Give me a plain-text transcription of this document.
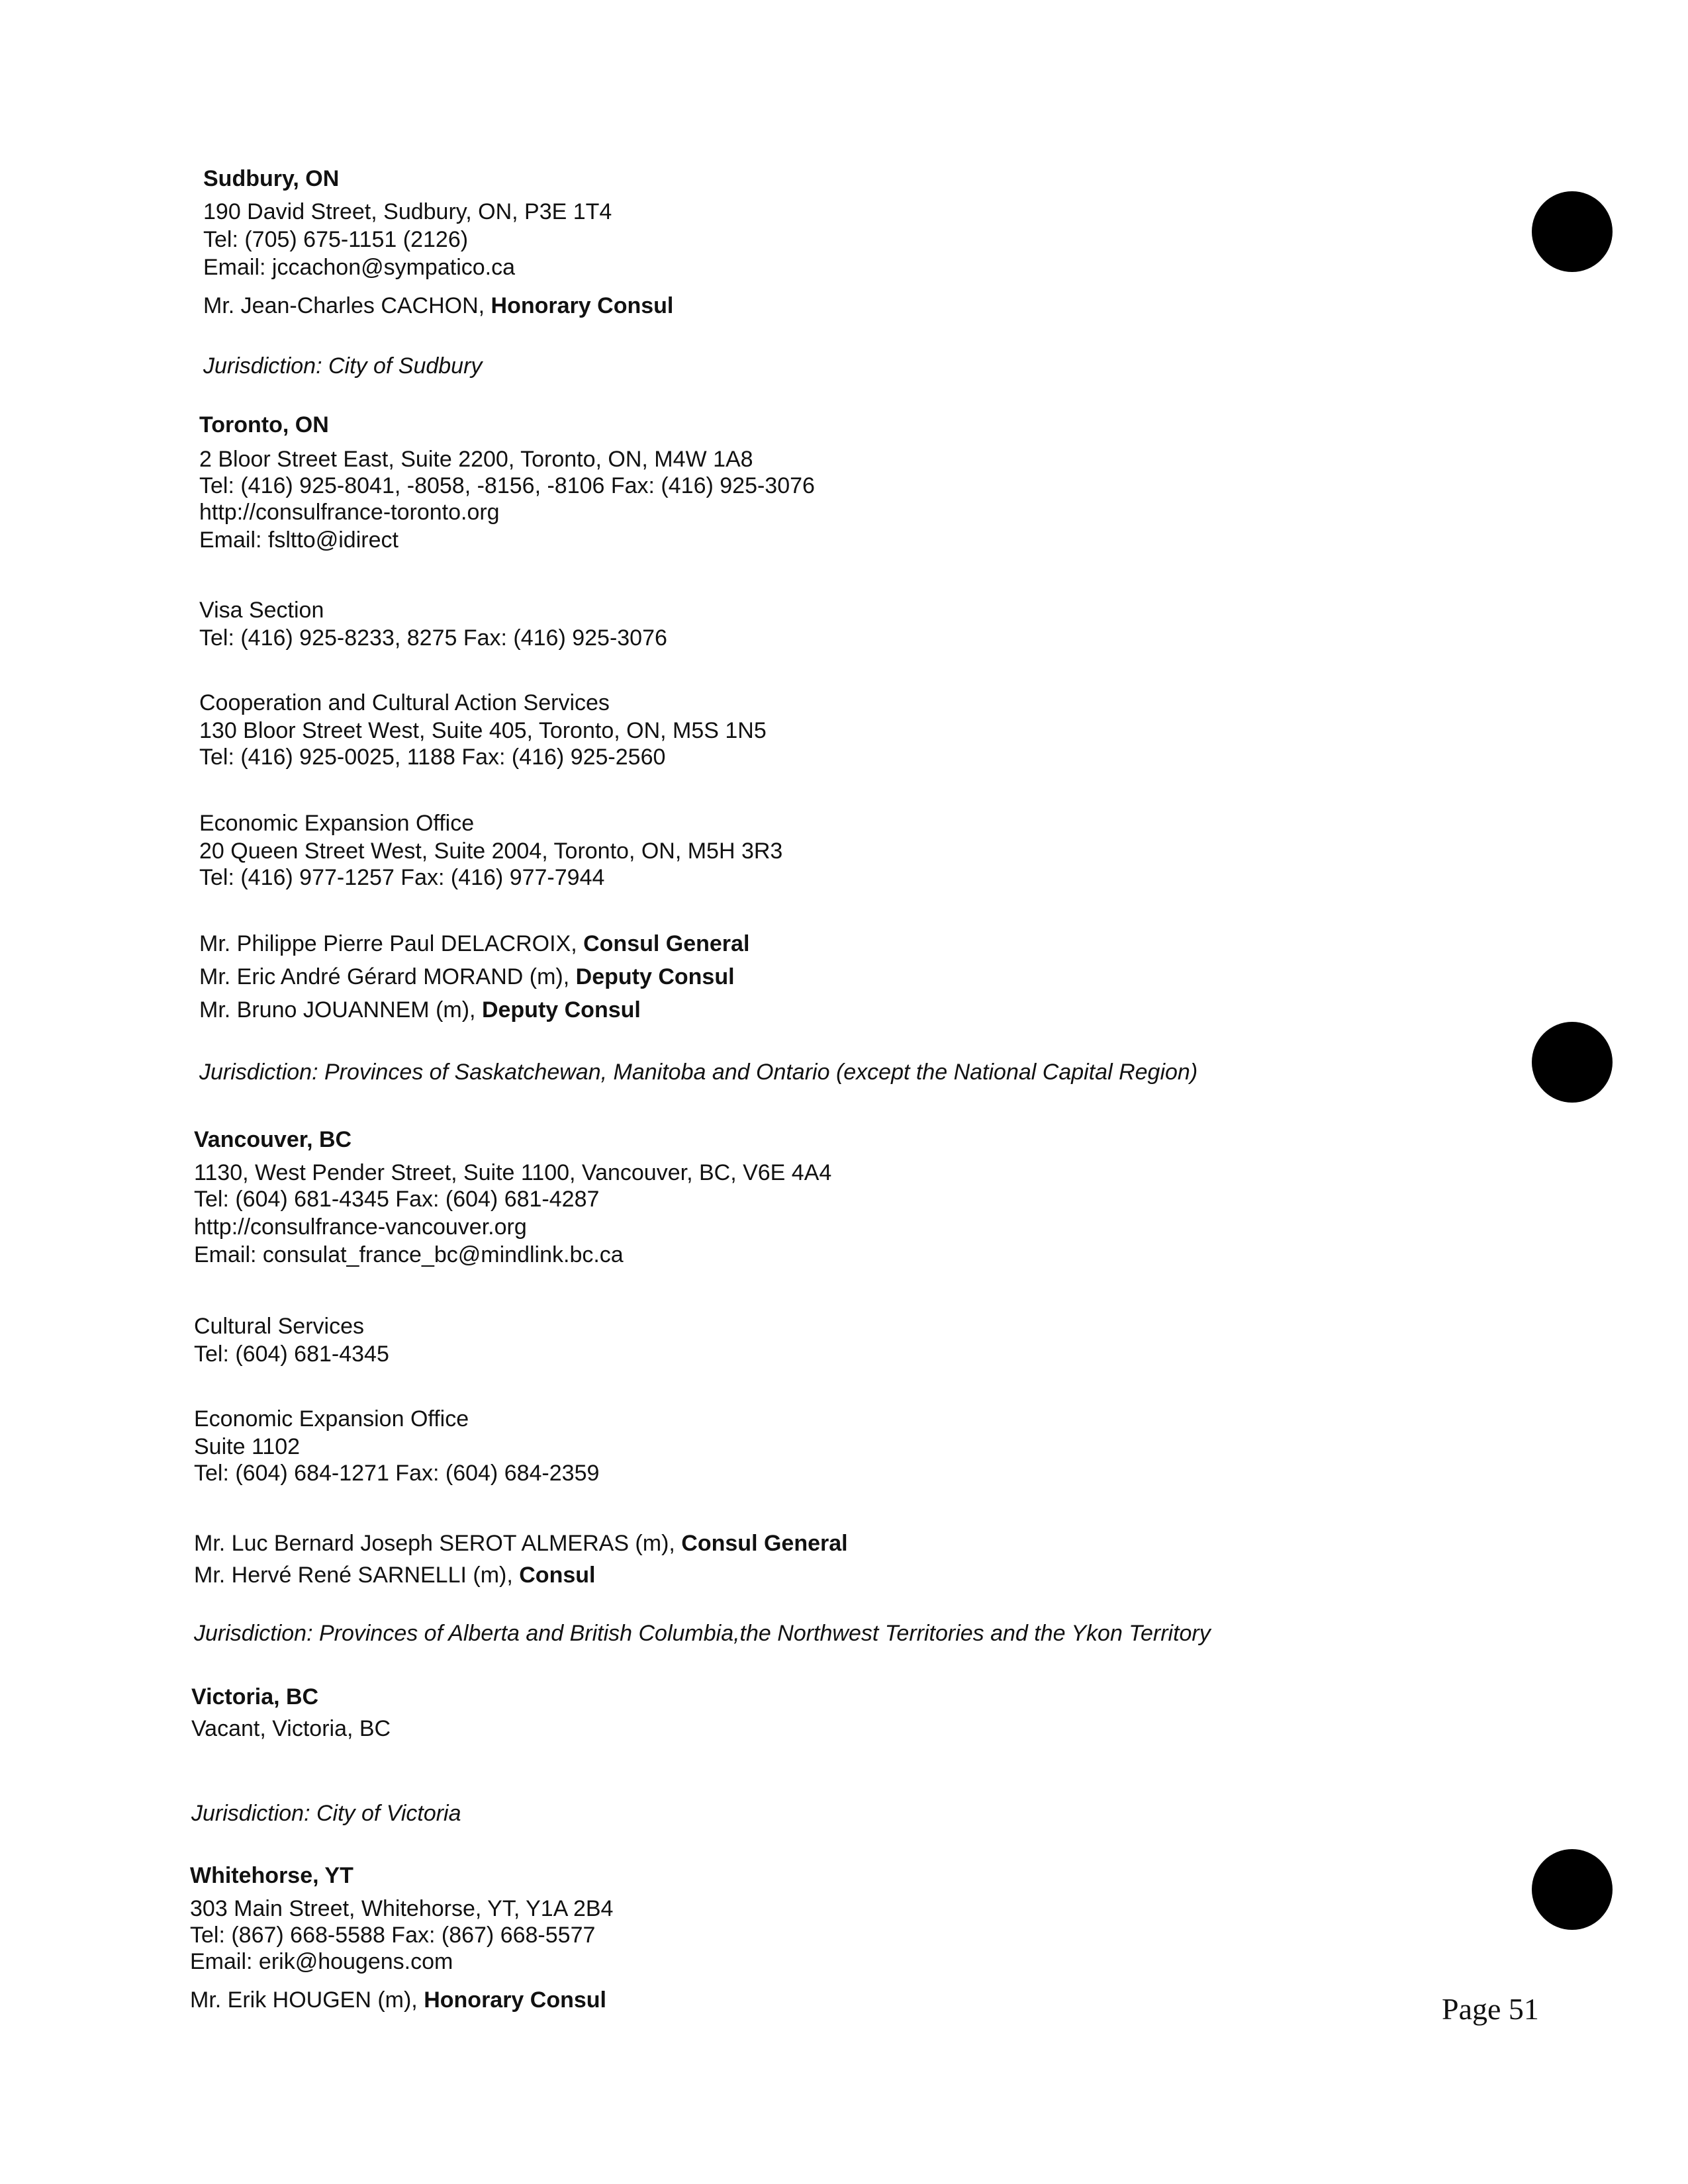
Sudbury, ON
190 David Street, Sudbury, ON, P3E 1T4
Tel: (705) 675-1151 (2126)
Email: jccachon@sympatico.ca
Mr. Jean-Charles CACHON, Honorary Consul
Jurisdiction: City of Sudbury
Toronto, ON
2 Bloor Street East, Suite 2200, Toronto, ON, M4W 1A8
Tel: (416) 925-8041, -8058, -8156, -8106 Fax: (416) 925-3076
http://consulfrance-toronto.org
Email: fsltto@idirect
Visa Section
Tel: (416) 925-8233, 8275 Fax: (416) 925-3076
Cooperation and Cultural Action Services
130 Bloor Street West, Suite 405, Toronto, ON, M5S 1N5
Tel: (416) 925-0025, 1188 Fax: (416) 925-2560
Economic Expansion Office
20 Queen Street West, Suite 2004, Toronto, ON, M5H 3R3
Tel: (416) 977-1257 Fax: (416) 977-7944
Mr. Philippe Pierre Paul DELACROIX, Consul General
Mr. Eric André Gérard MORAND (m), Deputy Consul
Mr. Bruno JOUANNEM (m), Deputy Consul
Jurisdiction: Provinces of Saskatchewan, Manitoba and Ontario (except the National Capital Region)
Vancouver, BC
1130, West Pender Street, Suite 1100, Vancouver, BC, V6E 4A4
Tel: (604) 681-4345 Fax: (604) 681-4287
http://consulfrance-vancouver.org
Email: consulat_france_bc@mindlink.bc.ca
Cultural Services
Tel: (604) 681-4345
Economic Expansion Office
Suite 1102
Tel: (604) 684-1271 Fax: (604) 684-2359
Mr. Luc Bernard Joseph SEROT ALMERAS (m), Consul General
Mr. Hervé René SARNELLI (m), Consul
Jurisdiction: Provinces of Alberta and British Columbia,the Northwest Territories and the Ykon Territory
Victoria, BC
Vacant, Victoria, BC
Jurisdiction: City of Victoria
Whitehorse, YT
303 Main Street, Whitehorse, YT, Y1A 2B4
Tel: (867) 668-5588 Fax: (867) 668-5577
Email: erik@hougens.com
Mr. Erik HOUGEN (m), Honorary Consul	Page 51
